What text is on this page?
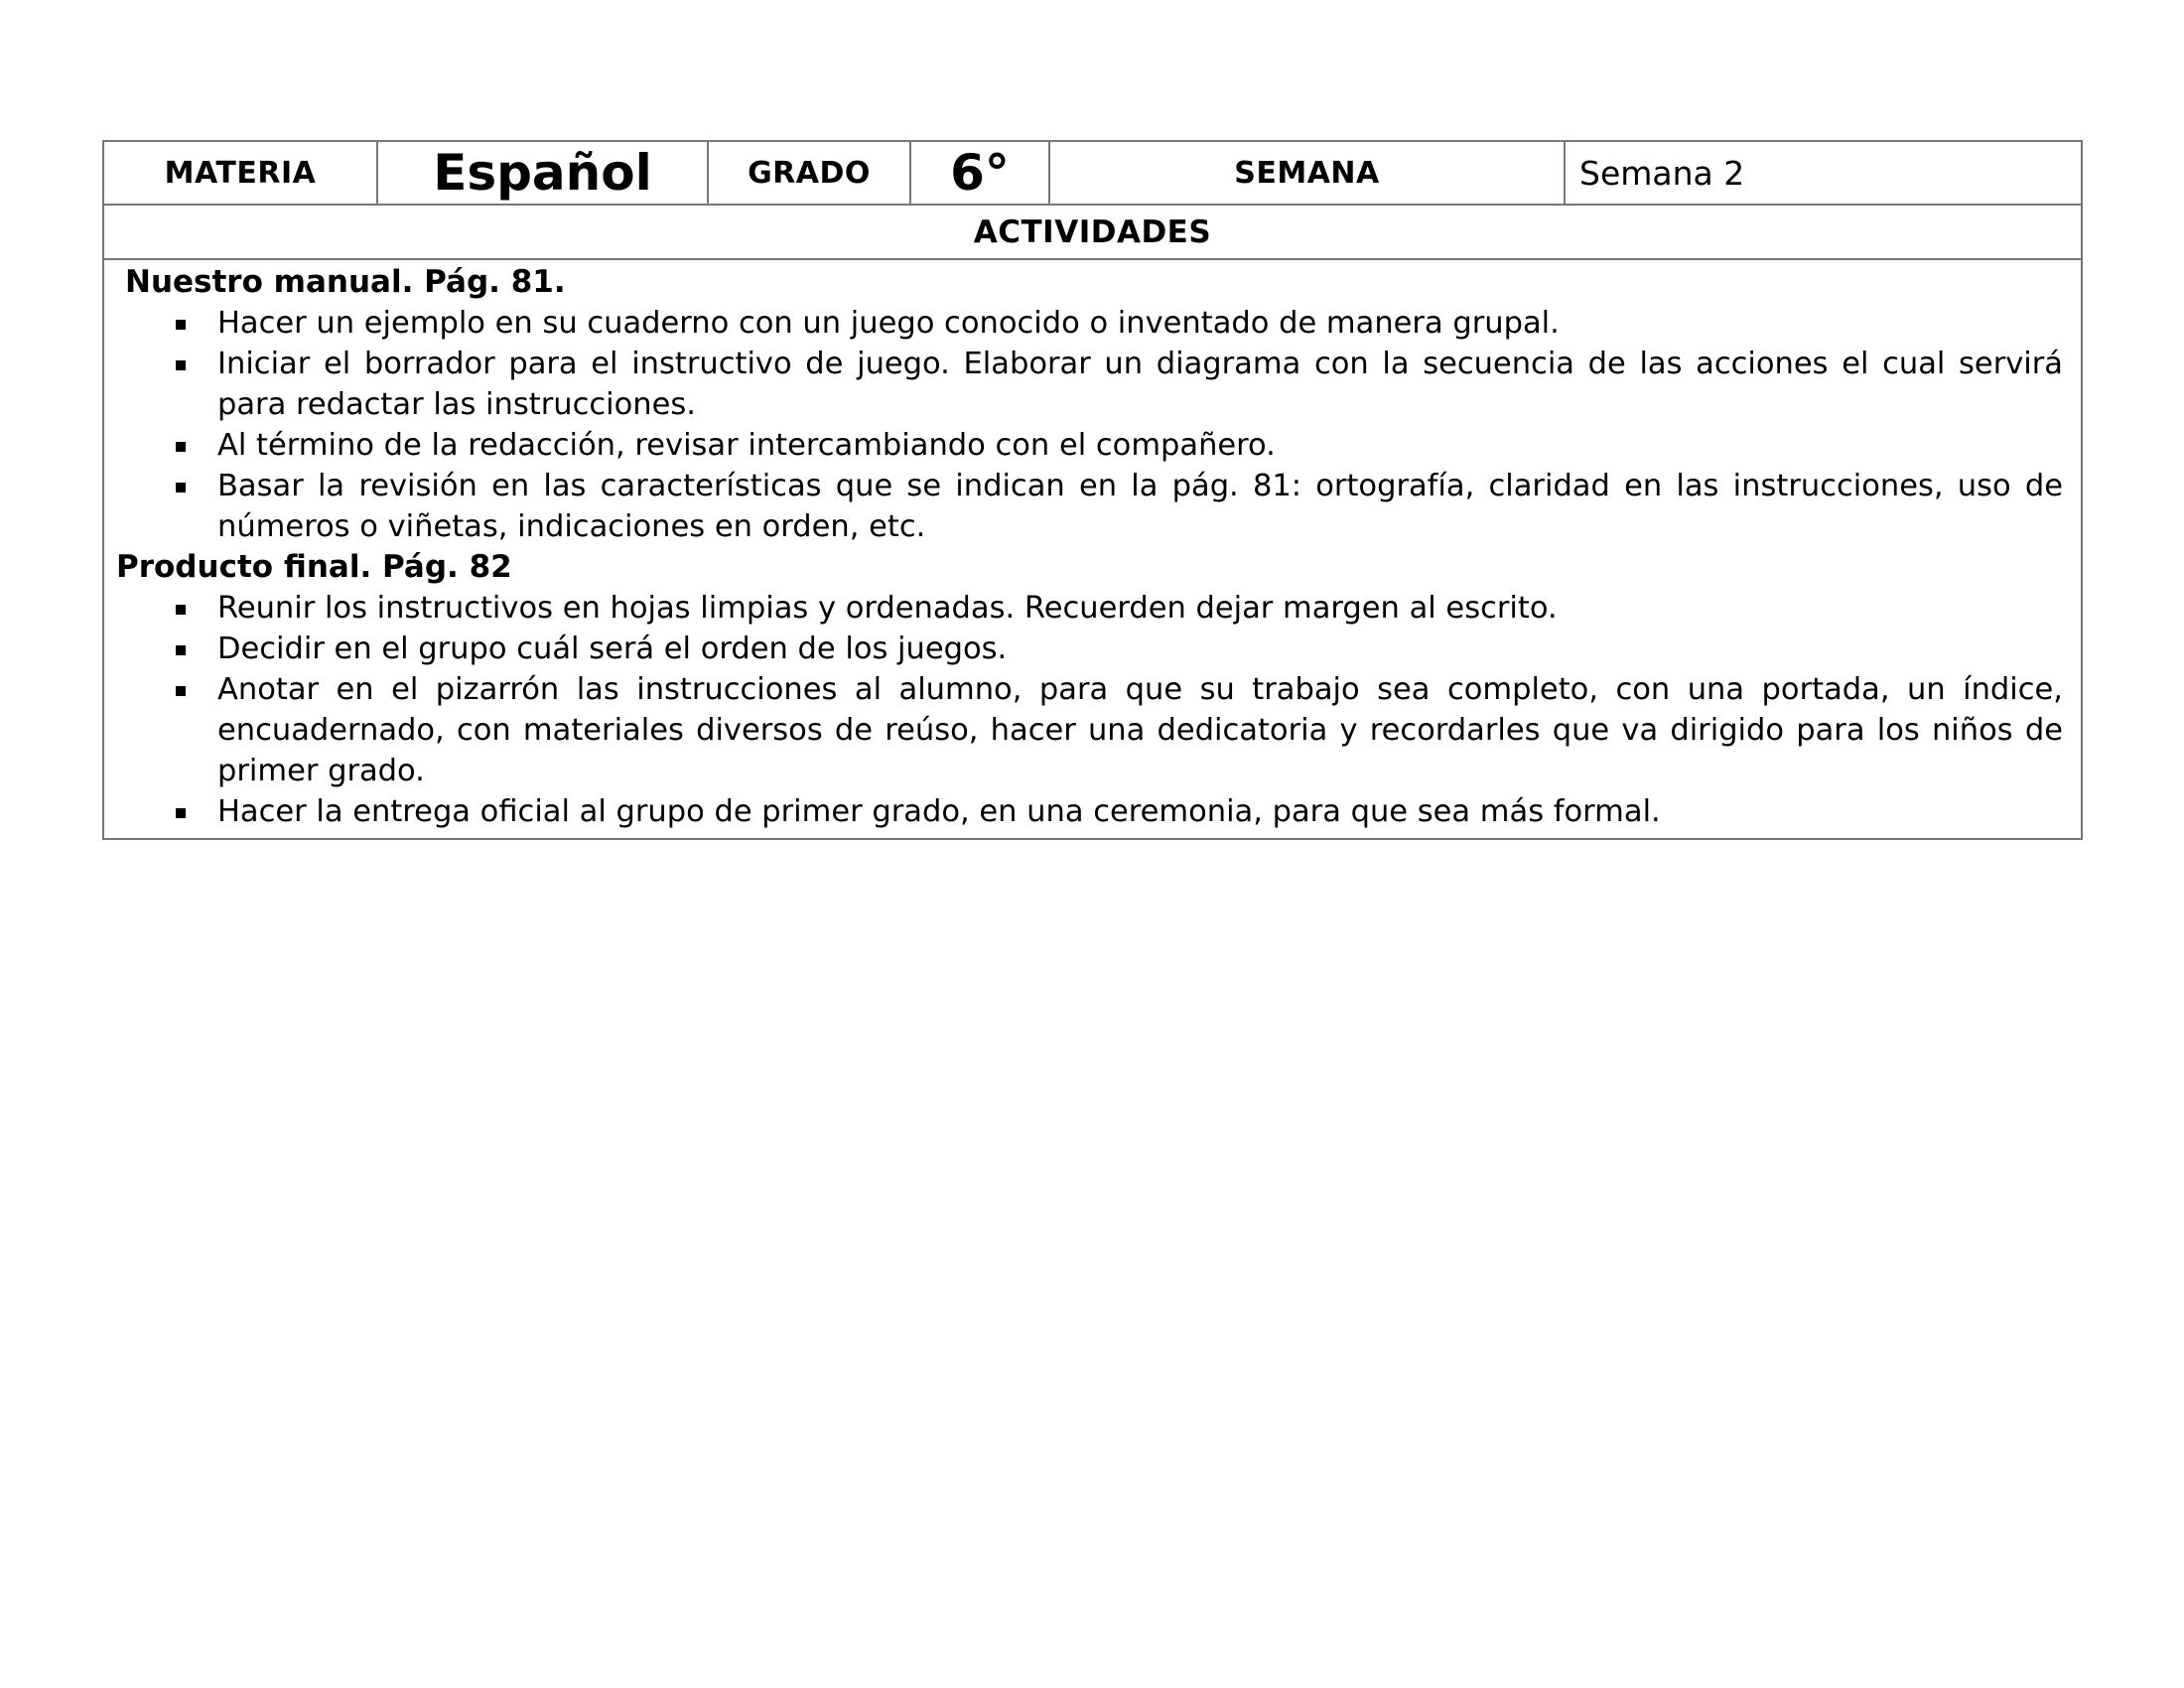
MATERIA Español	GRADO 6°	SEMANA	Semana 2
ACTIVIDADES

Nuestro manual. Pág. 81.

Hacer un ejemplo en su cuaderno con un juego conocido o inventado de manera grupal.
Iniciar el borrador para el instructivo de juego. Elaborar un diagrama con la secuencia de las acciones el cual servirá para redactar las instrucciones.
Al término de la redacción, revisar intercambiando con el compañero.
Basar la revisión en las características que se indican en la pág. 81: ortografía, claridad en las instrucciones, uso de números o viñetas, indicaciones en orden, etc.

Producto final. Pág. 82

Reunir los instructivos en hojas limpias y ordenadas. Recuerden dejar margen al escrito.
Decidir en el grupo cuál será el orden de los juegos.
Anotar en el pizarrón las instrucciones al alumno, para que su trabajo sea completo, con una portada, un índice, encuadernado, con materiales diversos de reúso, hacer una dedicatoria y recordarles que va dirigido para los niños de primer grado.
Hacer la entrega oficial al grupo de primer grado, en una ceremonia, para que sea más formal.
